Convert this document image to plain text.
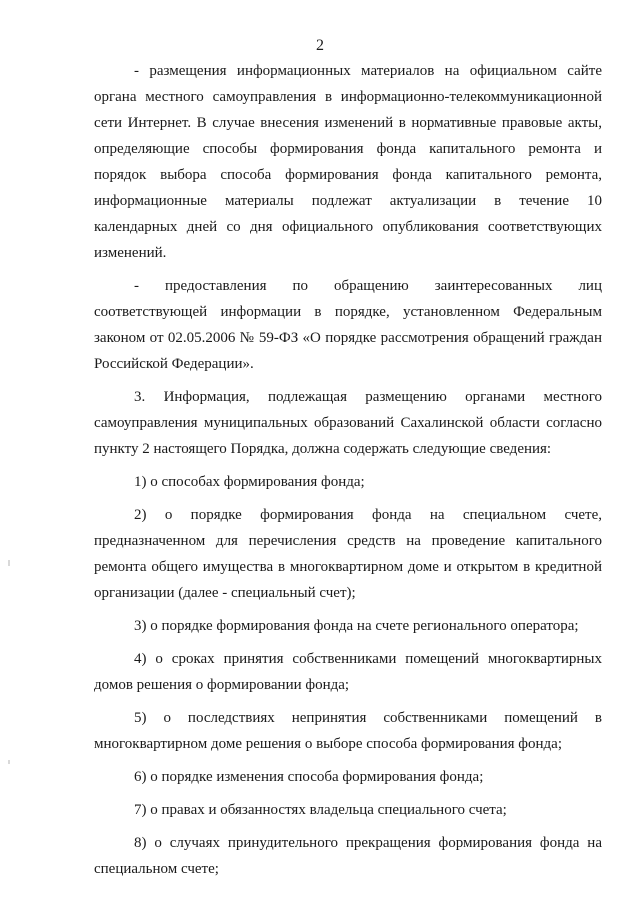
2

- размещения информационных материалов на официальном сайте органа местного самоуправления в информационно-телекоммуникационной сети Интернет. В случае внесения изменений в нормативные правовые акты, определяющие способы формирования фонда капитального ремонта и порядок выбора способа формирования фонда капитального ремонта, информационные материалы подлежат актуализации в течение 10 календарных дней со дня официального опубликования соответствующих изменений.

- предоставления по обращению заинтересованных лиц соответствующей информации в порядке, установленном Федеральным законом от 02.05.2006 № 59-ФЗ «О порядке рассмотрения обращений граждан Российской Федерации».

3. Информация, подлежащая размещению органами местного самоуправления муниципальных образований Сахалинской области согласно пункту 2 настоящего Порядка, должна содержать следующие сведения:

1) о способах формирования фонда;

2) о порядке формирования фонда на специальном счете, предназначенном для перечисления средств на проведение капитального ремонта общего имущества в многоквартирном доме и открытом в кредитной организации (далее - специальный счет);

3) о порядке формирования фонда на счете регионального оператора;

4) о сроках принятия собственниками помещений многоквартирных домов решения о формировании фонда;

5) о последствиях непринятия собственниками помещений в многоквартирном доме решения о выборе способа формирования фонда;

6) о порядке изменения способа формирования фонда;

7) о правах и обязанностях владельца специального счета;

8) о случаях принудительного прекращения формирования фонда на специальном счете;
